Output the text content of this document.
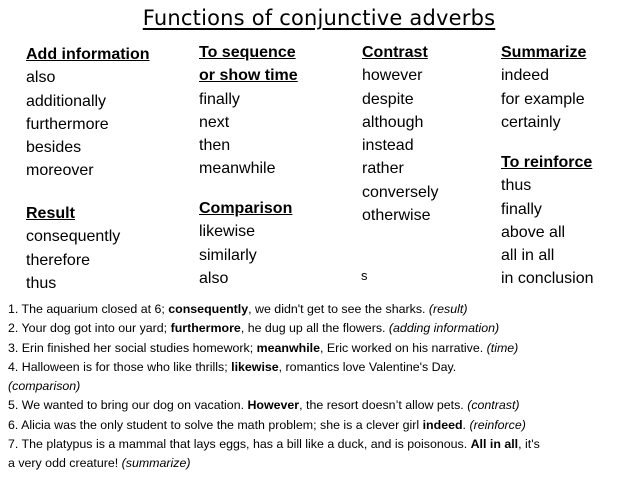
Functions of conjunctive adverbs
Add information
also
additionally
furthermore
besides
moreover
Result
consequently
therefore
thus
To sequence
or show time
finally
next
then
meanwhile
Comparison
likewise
similarly
also
Contrast
however
despite
although
instead
rather
conversely
otherwise
s
Summarize
indeed
for example
certainly
To reinforce
thus
finally
above all
all in all
in conclusion
1. The aquarium closed at 6; consequently, we didn't get to see the sharks. (result)
2. Your dog got into our yard; furthermore, he dug up all the flowers. (adding information)
3. Erin finished her social studies homework; meanwhile, Eric worked on his narrative. (time)
4. Halloween is for those who like thrills; likewise, romantics love Valentine's Day.
(comparison)
5. We wanted to bring our dog on vacation. However, the resort doesn’t allow pets. (contrast)
6. Alicia was the only student to solve the math problem; she is a clever girl indeed. (reinforce)
7. The platypus is a mammal that lays eggs, has a bill like a duck, and is poisonous. All in all, it's
a very odd creature! (summarize)
